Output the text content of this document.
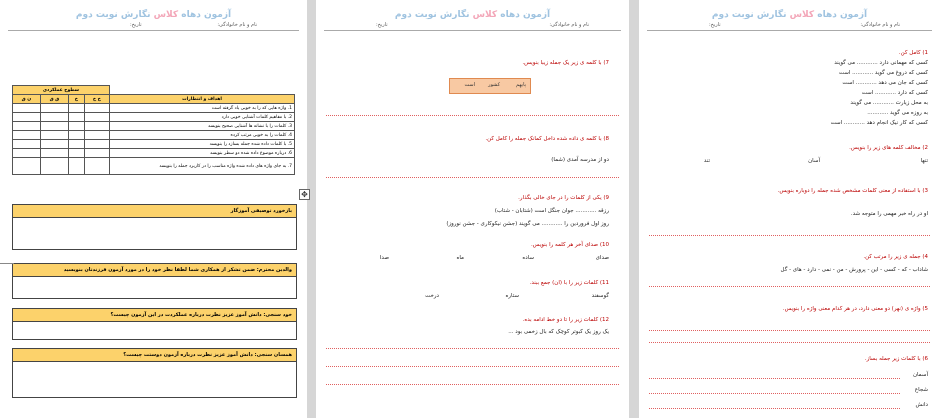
آزمون دهاه کلاس نگارش نوبت دوم
نام و نام خانوادگی:
تاریخ:
سطوح عملکردی				
ن ق	ق ق	خ	خ خ	اهداف و انتظارات
				1. واژه هایی که را به خوبی یاد گرفته است
				2. با مفاهیم کلمات آشنایی خوبی دارد
				3. کلمات را با نشانه ها آشنایی صحیح بنویسد
				4. کلمات را به خوبی مرتب کرده
				5. با کلمات داده شده جمله بسازد را بنویسد
				6. درباره موضوع داده شده دو سطر بنویسد
				7. به جای واژه های داده شده واژه مناسب را در کاربرد جمله را بنویسد
بازخورد توصیفی آموزگار
والدین محترم: ضمن تشکر از همکاری شما لطفا نظر خود را در مورد آزمون فرزندتان بنویسید
خود سنجی: دانش آموز عزیز نظرت درباره عملکردت در این آزمون چیست؟
همسان سنجی: دانش آموز عزیز نظرت درباره آزمون دوستت چیست؟
✥
آزمون دهاه کلاس نگارش نوبت دوم
نام و نام خانوادگی:
تاریخ:
7) با کلمه ی زیر یک جمله زیبا بنویس.
پایهم
کشور
است
8) با کلمه ی داده شده داخل کمانک جمله را کامل کن.
دو از مدرسه آمدی (شما)
9) یکی از کلمات را در جای خالی بگذار.
رزقه ............ جوان جنگل است (شتابان - شتاب)
روز اول فروردین را ............ می گویند (جشن نیکوکاری - جشن نوروز)
10) صدای آخر هر کلمه را بنویس.
صدای
ساده
ماه
صدا
11) کلمات زیر را با (ان) جمع ببند.
گوسفند
ستاره
درخت
12) کلمات زیر را تا دو خط ادامه بده.
یک روز یک کبوتر کوچک که بال زخمی بود ...
آزمون دهاه کلاس نگارش نوبت دوم
نام و نام خانوادگی:
تاریخ:
1) کامل کن.
کسی که مهمانی دارد ............ می گویند
کسی که دروغ می گوید ............ است
کسی که جان می دهد ............ است
کسی که دارد ............ است
به محل زیارت ............ می گویند
به روزه می گوید ............
کسی که کار نیک انجام دهد ............ است
2) مخالف کلمه های زیر را بنویس.
تنها
آسان
تند
3) با استفاده از معنی کلمات مشخص شده جمله را دوباره بنویس.
او در راه خبر مهمی را متوجه شد.
4) جمله ی زیر را مرتب کن.
شاداب - که - کسی - این - پرورش - من - نمی - دارد - های - گل
5) واژه ی (نهر) دو معنی دارد، در هر کدام معنی واژه را بنویس.
6) با کلمات زیر جمله بساز.
آسمان
شجاع
دانش
